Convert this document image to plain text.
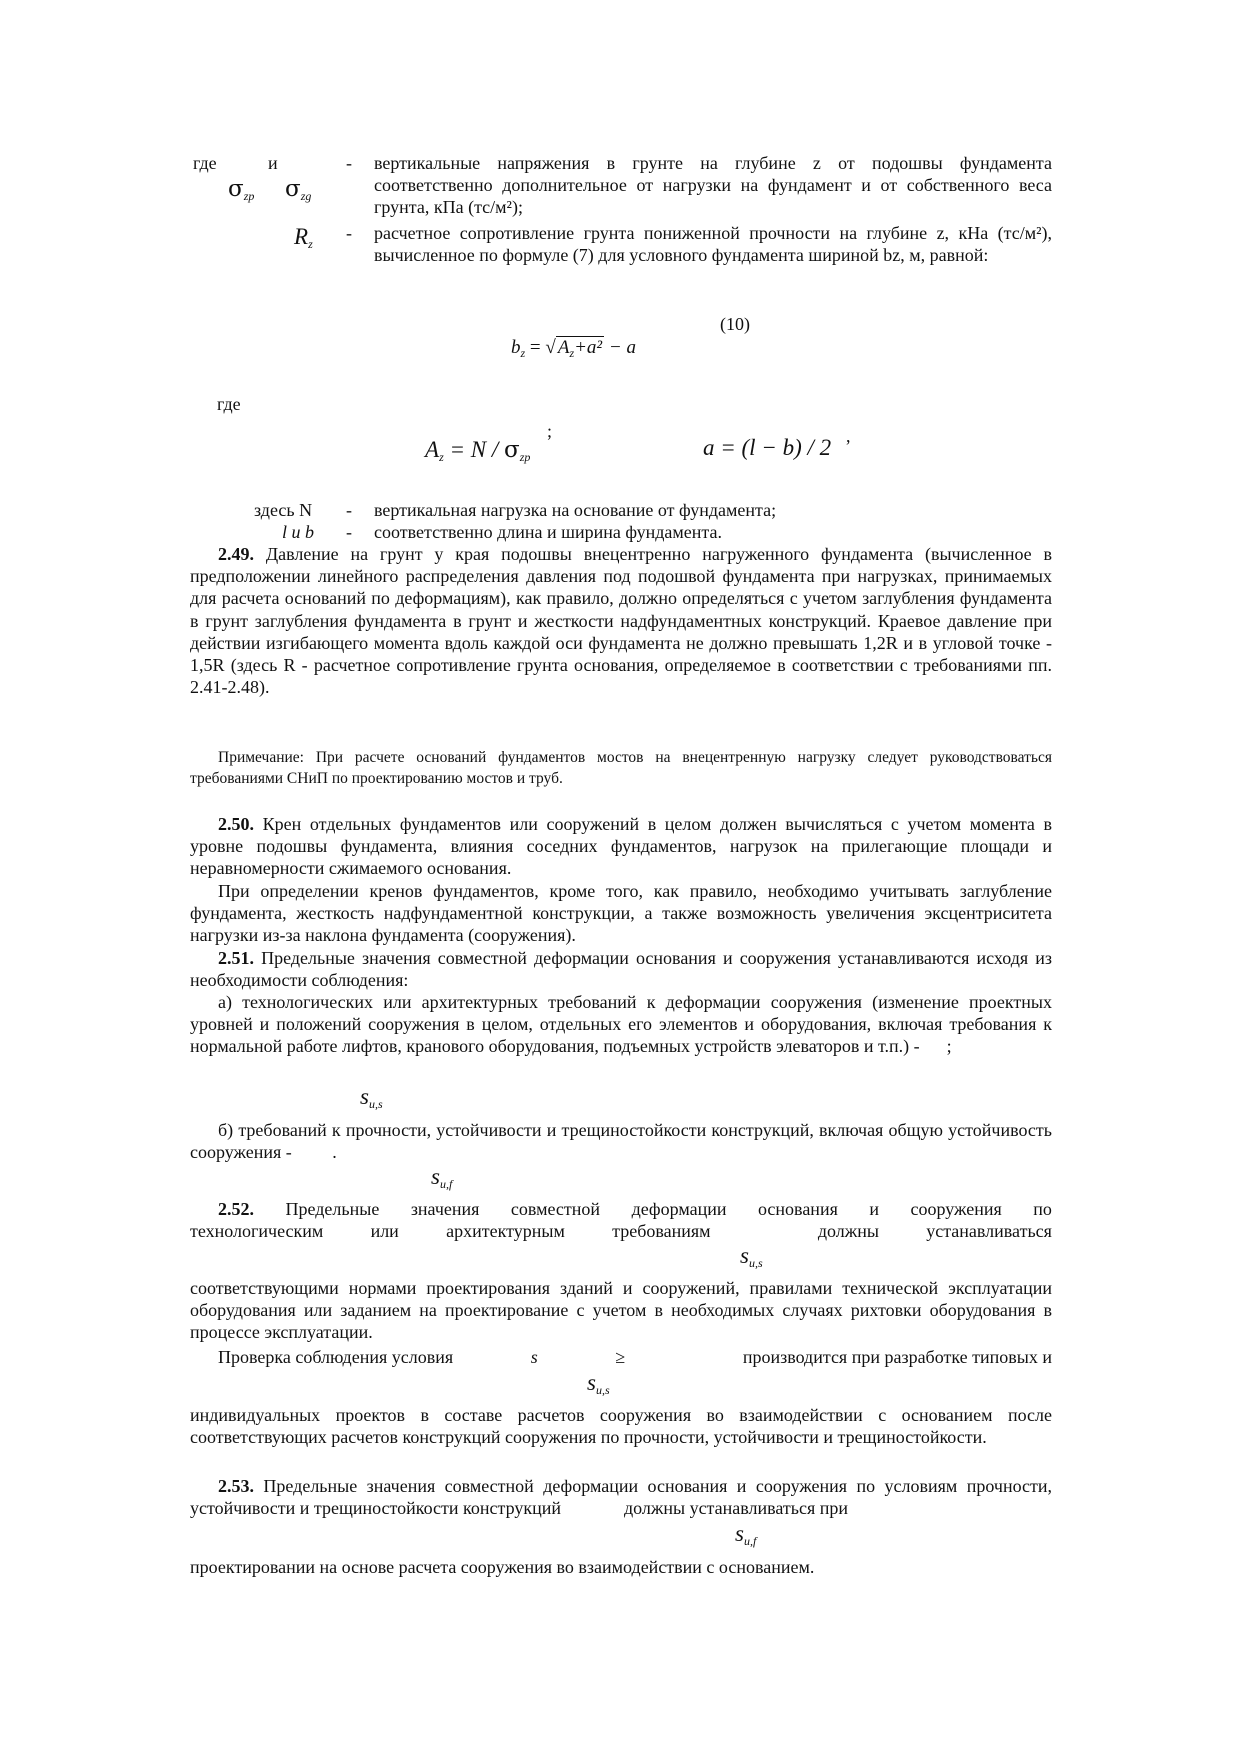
где	и
$\sigma_{zp}$ $\sigma_{zg}$
- вертикальные напряжения в грунте на глубине z от подошвы фундамента соответственно дополнительное от нагрузки на фундамент и от собственного веса грунта, кПа (тс/м²);
$R_z$
- расчетное сопротивление грунта пониженной прочности на глубине z, кНа (тс/м²), вычисленное по формуле (7) для условного фундамента шириной bz, м, равной:
(10)
$b_z$ = √ $A_z+a^2 - a$
где
;
$A_z = N / \sigma_{zp}$	a = (l − b) / 2 ,
здесь N - вертикальная нагрузка на основание от фундамента;
l и b - соответственно длина и ширина фундамента.
2.49. Давление на грунт у края подошвы внецентренно нагруженного фундамента (вычисленное в предположении линейного распределения давления под подошвой фундамента при нагрузках, принимаемых для расчета оснований по деформациям), как правило, должно определяться с учетом заглубления фундамента в грунт заглубления фундамента в грунт и жесткости надфундаментных конструкций. Краевое давление при действии изгибающего момента вдоль каждой оси фундамента не должно превышать 1,2R и в угловой точке - 1,5R (здесь R - расчетное сопротивление грунта основания, определяемое в соответствии с требованиями пп. 2.41-2.48).
Примечание: При расчете оснований фундаментов мостов на внецентренную нагрузку следует руководствоваться требованиями СНиП по проектированию мостов и труб.
2.50. Крен отдельных фундаментов или сооружений в целом должен вычисляться с учетом момента в уровне подошвы фундамента, влияния соседних фундаментов, нагрузок на прилегающие площади и неравномерности сжимаемого основания.
При определении кренов фундаментов, кроме того, как правило, необходимо учитывать заглубление фундамента, жесткость надфундаментной конструкции, а также возможность увеличения эксцентриситета нагрузки из-за наклона фундамента (сооружения).
2.51. Предельные значения совместной деформации основания и сооружения устанавливаются исходя из необходимости соблюдения:
а) технологических или архитектурных требований к деформации сооружения (изменение проектных уровней и положений сооружения в целом, отдельных его элементов и оборудования, включая требования к нормальной работе лифтов, кранового оборудования, подъемных устройств элеваторов и т.п.) - ;
$s_{u,s}$
б) требований к прочности, устойчивости и трещиностойкости конструкций, включая общую устойчивость сооружения - .
$s_{u,f}$
2.52. Предельные значения совместной деформации основания и сооружения по
технологическим	или	архитектурным	требованиям	должны	устанавливаться
$s_{u,s}$
соответствующими нормами проектирования зданий и сооружений, правилами технической эксплуатации оборудования или заданием на проектирование с учетом в необходимых случаях рихтовки оборудования в процессе эксплуатации.
Проверка соблюдения условия	s	≥	производится при разработке типовых и
$s_{u,s}$
индивидуальных проектов в составе расчетов сооружения во взаимодействии с основанием после соответствующих расчетов конструкций сооружения по прочности, устойчивости и трещиностойкости.
2.53. Предельные значения совместной деформации основания и сооружения по условиям прочности, устойчивости и трещиностойкости конструкций	должны устанавливаться при
$s_{u,f}$
проектировании на основе расчета сооружения во взаимодействии с основанием.
